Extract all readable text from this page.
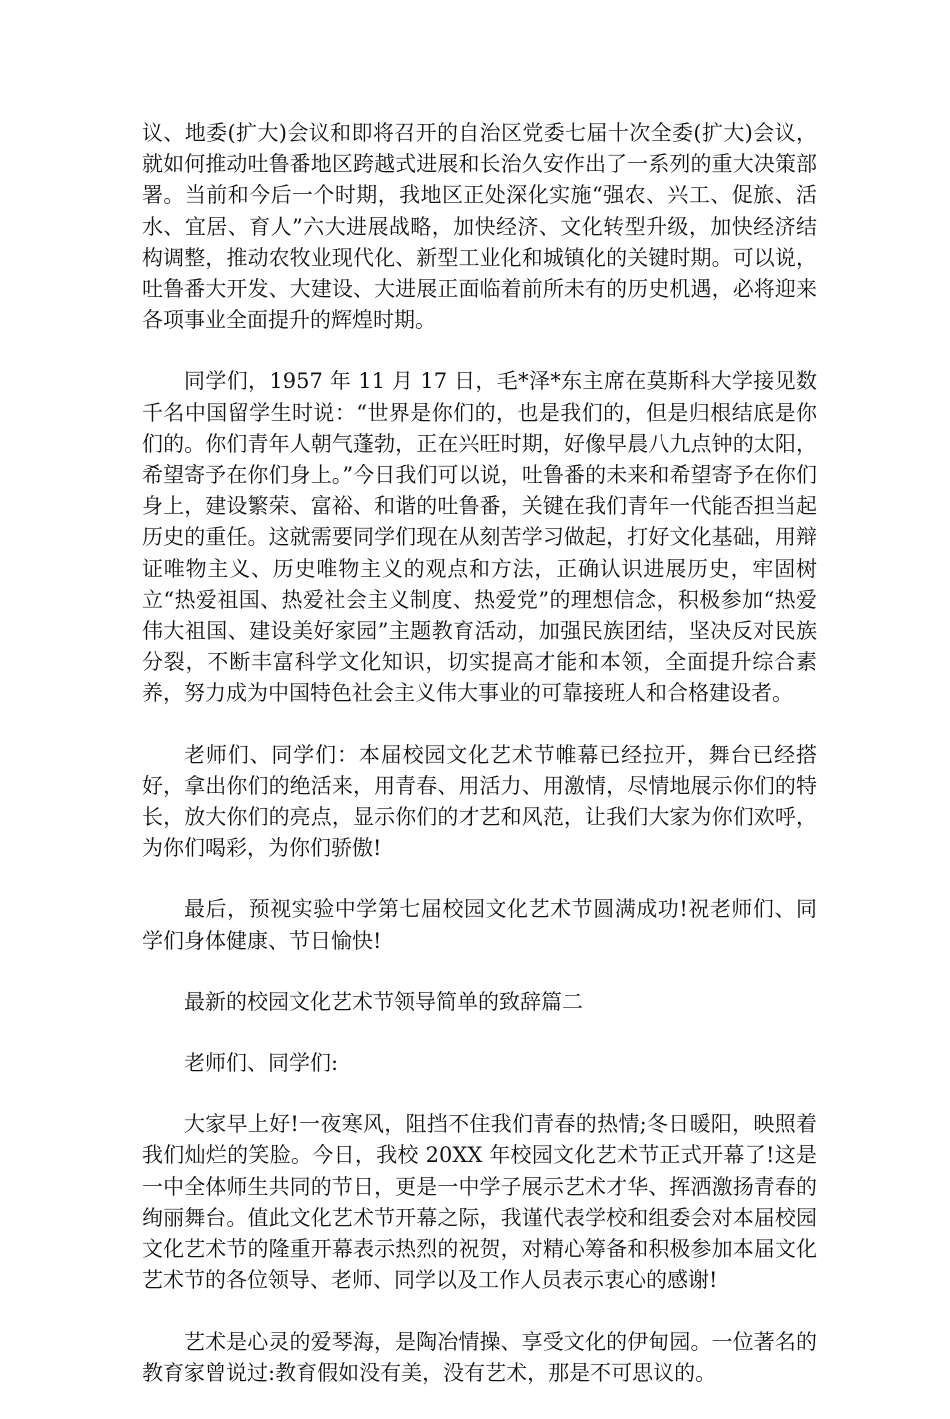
议、地委(扩大)会议和即将召开的自治区党委七届十次全委(扩大)会议，就如何推动吐鲁番地区跨越式进展和长治久安作出了一系列的重大决策部署。当前和今后一个时期，我地区正处深化实施“强农、兴工、促旅、活水、宜居、育人”六大进展战略，加快经济、文化转型升级，加快经济结构调整，推动农牧业现代化、新型工业化和城镇化的关键时期。可以说，吐鲁番大开发、大建设、大进展正面临着前所未有的历史机遇，必将迎来各项事业全面提升的辉煌时期。

同学们，1957 年 11 月 17 日，毛*泽*东主席在莫斯科大学接见数千名中国留学生时说：“世界是你们的，也是我们的，但是归根结底是你们的。你们青年人朝气蓬勃，正在兴旺时期，好像早晨八九点钟的太阳，希望寄予在你们身上。”今日我们可以说，吐鲁番的未来和希望寄予在你们身上，建设繁荣、富裕、和谐的吐鲁番，关键在我们青年一代能否担当起历史的重任。这就需要同学们现在从刻苦学习做起，打好文化基础，用辩证唯物主义、历史唯物主义的观点和方法，正确认识进展历史，牢固树立“热爱祖国、热爱社会主义制度、热爱党”的理想信念，积极参加“热爱伟大祖国、建设美好家园”主题教育活动，加强民族团结，坚决反对民族分裂，不断丰富科学文化知识，切实提高才能和本领，全面提升综合素养，努力成为中国特色社会主义伟大事业的可靠接班人和合格建设者。

老师们、同学们：本届校园文化艺术节帷幕已经拉开，舞台已经搭好，拿出你们的绝活来，用青春、用活力、用激情，尽情地展示你们的特长，放大你们的亮点，显示你们的才艺和风范，让我们大家为你们欢呼，为你们喝彩，为你们骄傲!

最后，预视实验中学第七届校园文化艺术节圆满成功!祝老师们、同学们身体健康、节日愉快!

最新的校园文化艺术节领导简单的致辞篇二

老师们、同学们:

大家早上好!一夜寒风，阻挡不住我们青春的热情;冬日暖阳，映照着我们灿烂的笑脸。今日，我校 20XX 年校园文化艺术节正式开幕了!这是一中全体师生共同的节日，更是一中学子展示艺术才华、挥洒激扬青春的绚丽舞台。值此文化艺术节开幕之际，我谨代表学校和组委会对本届校园文化艺术节的隆重开幕表示热烈的祝贺，对精心筹备和积极参加本届文化艺术节的各位领导、老师、同学以及工作人员表示衷心的感谢!

艺术是心灵的爱琴海，是陶冶情操、享受文化的伊甸园。一位著名的教育家曾说过:教育假如没有美，没有艺术，那是不可思议的。
